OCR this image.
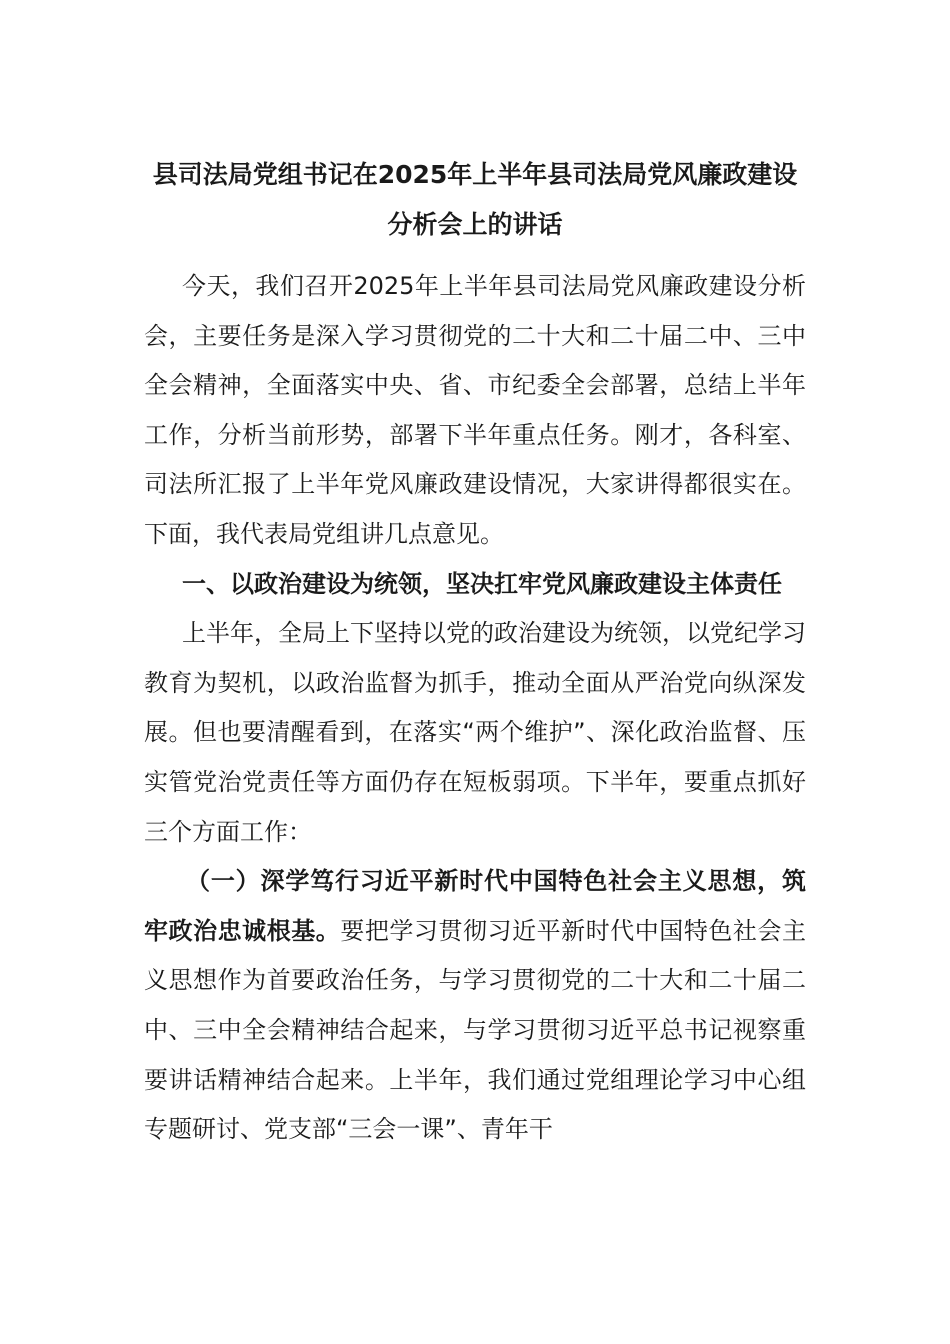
县司法局党组书记在2025年上半年县司法局党风廉政建设分析会上的讲话

今天，我们召开2025年上半年县司法局党风廉政建设分析会，主要任务是深入学习贯彻党的二十大和二十届二中、三中全会精神，全面落实中央、省、市纪委全会部署，总结上半年工作，分析当前形势，部署下半年重点任务。刚才，各科室、司法所汇报了上半年党风廉政建设情况，大家讲得都很实在。下面，我代表局党组讲几点意见。

一、以政治建设为统领，坚决扛牢党风廉政建设主体责任

上半年，全局上下坚持以党的政治建设为统领，以党纪学习教育为契机，以政治监督为抓手，推动全面从严治党向纵深发展。但也要清醒看到，在落实“两个维护”、深化政治监督、压实管党治党责任等方面仍存在短板弱项。下半年，要重点抓好三个方面工作：

（一）深学笃行习近平新时代中国特色社会主义思想，筑牢政治忠诚根基。要把学习贯彻习近平新时代中国特色社会主义思想作为首要政治任务，与学习贯彻党的二十大和二十届二中、三中全会精神结合起来，与学习贯彻习近平总书记视察重要讲话精神结合起来。上半年，我们通过党组理论学习中心组专题研讨、党支部“三会一课”、青年干
